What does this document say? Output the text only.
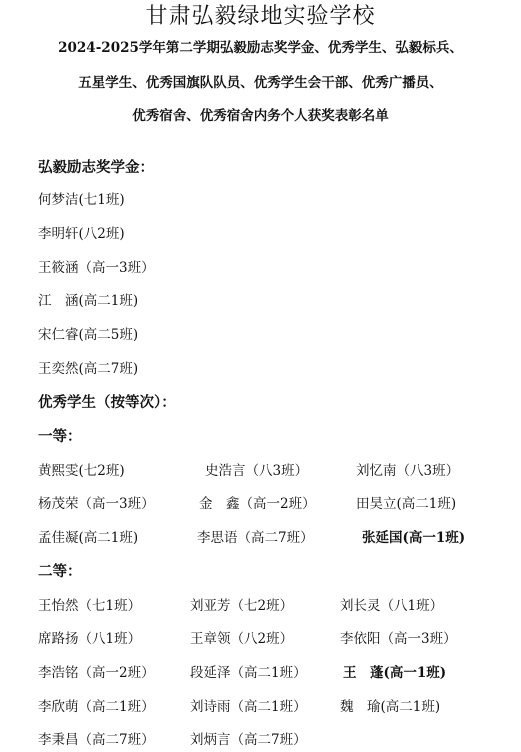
甘肃弘毅绿地实验学校
2024-2025学年第二学期弘毅励志奖学金、优秀学生、弘毅标兵、
五星学生、优秀国旗队队员、优秀学生会干部、优秀广播员、
优秀宿舍、优秀宿舍内务个人获奖表彰名单
弘毅励志奖学金：
何梦洁(七1班)
李明轩(八2班)
王筱涵（高一3班）
江　涵(高二1班)
宋仁睿(高二5班)
王奕然(高二7班)
优秀学生（按等次）：
一等：
黄熙雯(七2班)	史浩言（八3班）	刘忆南（八3班）
杨茂荣（高一3班）	金　鑫（高一2班）	田昊立(高二1班)
孟佳凝(高二1班)	李思语（高二7班）	张延国(高一1班)
二等：
王怡然（七1班）	刘亚芳（七2班）	刘长灵（八1班）
席路扬（八1班）	王章领（八2班）	李依阳（高一3班）
李浩铭（高一2班）	段延泽（高二1班）	王　蓬(高一1班)
李欣萌（高二1班）	刘诗雨（高二1班） 魏　瑜(高二1班)
李秉昌（高二7班）	刘炳言（高二7班）
